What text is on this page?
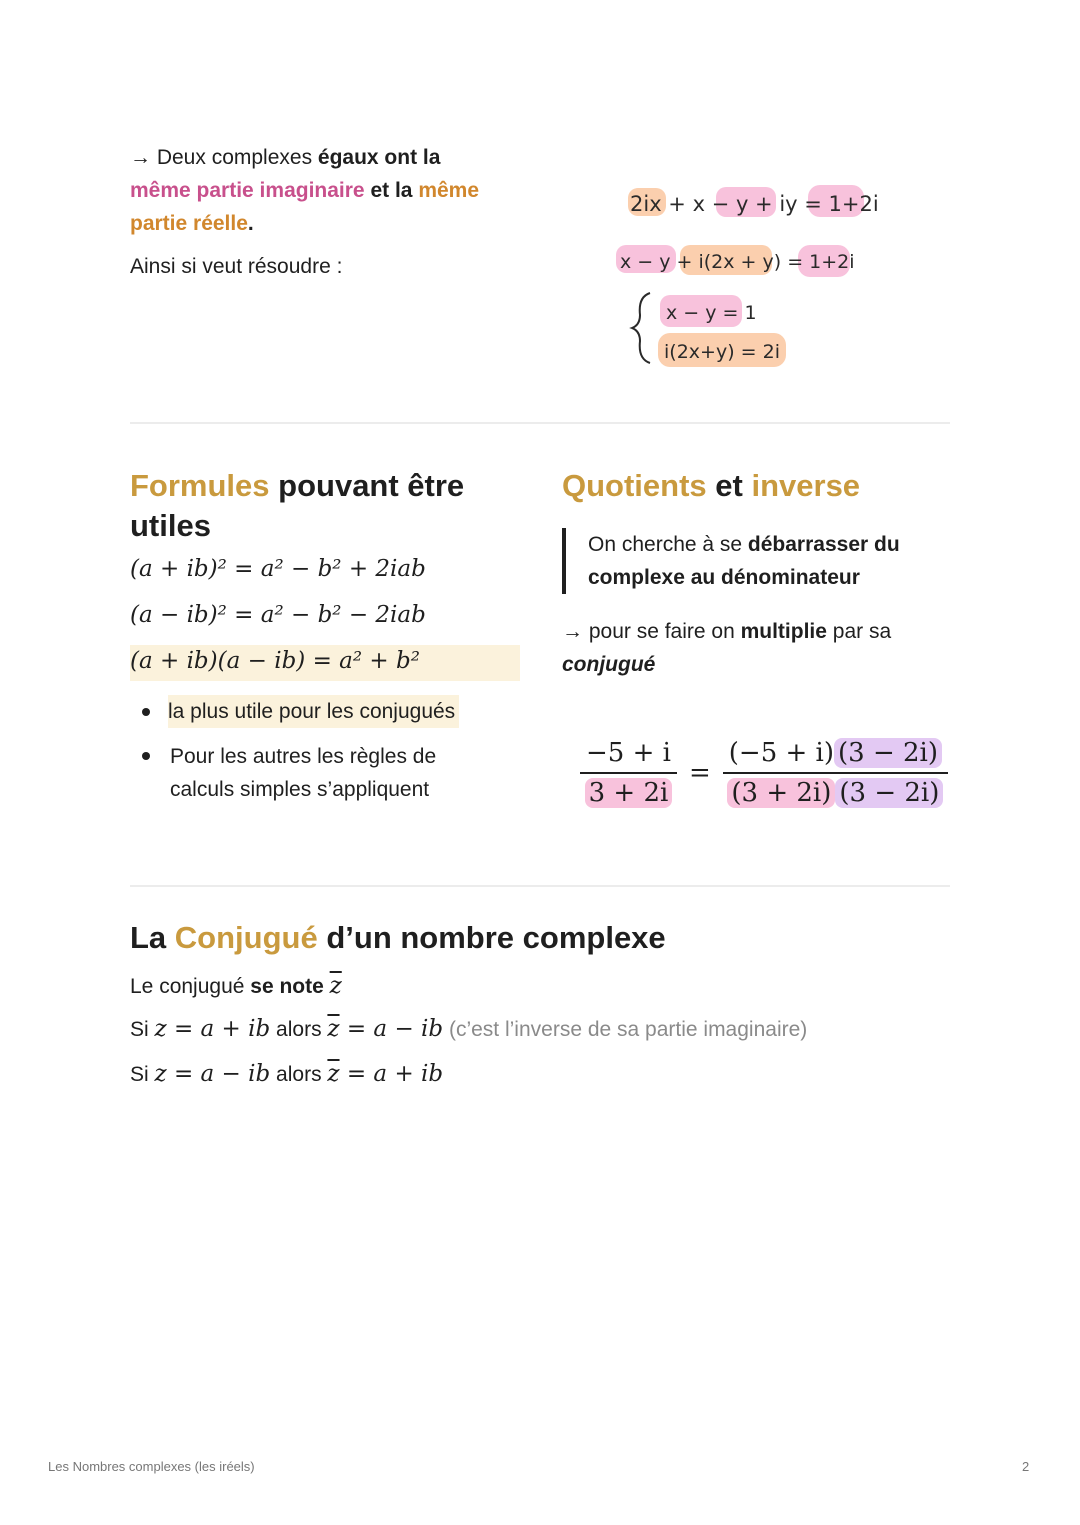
→ Deux complexes égaux ont la
même partie imaginaire et la même
partie réelle.
Ainsi si veut résoudre :
2ix + x − y + iy = 1+2i
x − y + i(2x + y) = 1+2i
x − y = 1
i(2x+y) = 2i
Formules pouvant être
utiles
(a + ib)² = a² − b² + 2iab
(a − ib)² = a² − b² − 2iab
(a + ib)(a − ib) = a² + b²
la plus utile pour les conjugués
Pour les autres les règles de
calculs simples s’appliquent
Quotients et inverse
On cherche à se débarrasser du
complexe au dénominateur
→ pour se faire on multiplie par sa
conjugué
$\frac{-5 + i}{3 + 2i} = \frac{(-5 + i) (3 - 2i)}{(3 + 2i) (3 - 2i)}$
La Conjugué d’un nombre complexe
Le conjugué se note $\overline{z}$
Si z = a + ib alors $\overline{z} = a$ − ib (c’est l’inverse de sa partie imaginaire)
Si z = a − ib alors $\overline{z} = a$ + ib
Les Nombres complexes (les iréels)	2
